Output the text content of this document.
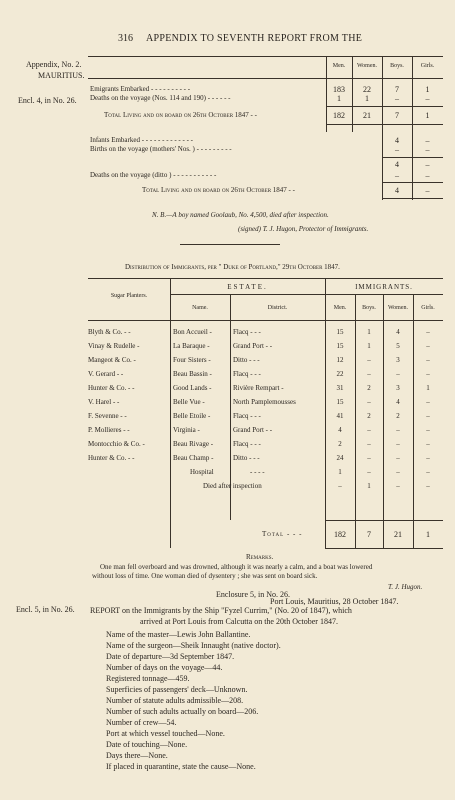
316 APPENDIX TO SEVENTH REPORT FROM THE
Appendix, No. 2.
MAURITIUS.
Encl. 4, in No. 26.
Encl. 5, in No. 26.
Men.	Women.	Boys.	Girls.
Emigrants Embarked - - - - - - - - - -	183	22	7	1
Deaths on the voyage (Nos. 114 and 190) - - - - - -	1	1	–	–
Total Living and on board on 26th October 1847 - -	182	21	7	1
Infants Embarked - - - - - - - - - - - - -	4	–
Births on the voyage (mothers' Nos. ) - - - - - - - - -	–	–
4	–
Deaths on the voyage (ditto ) - - - - - - - - - - -	–	–
Total Living and on board on 26th October 1847 - -	4	–
N. B.—A boy named Goolaub, No. 4,500, died after inspection.
(signed) T. J. Hugon, Protector of Immigrants.
Distribution of Immigrants, per " Duke of Portland," 29th October 1847.
Sugar Planters.
ESTATE.
Name.	District.
IMMIGRANTS.
Men.	Boys.	Women.	Girls.
Blyth & Co. - -	Bon Accueil -	Flacq - - -	15	1	4	–
Vinay & Rudelle -	La Baraque -	Grand Port - -	15	1	5	–
Mangeot & Co. -	Four Sisters -	Ditto - - -	12	–	3	–
V. Gerard - -	Beau Bassin -	Flacq - - -	22	–	–	–
Hunter & Co. - -	Good Lands -	Rivière Rempart -	31	2	3	1
V. Harel - -	Belle Vue -	North Pamplemousses	15	–	4	–
F. Sevenne - -	Belle Etoile -	Flacq - - -	41	2	2	–
P. Mollieres - -	Virginia -	Grand Port - -	4	–	–	–
Montocchio & Co. -	Beau Rivage -	Flacq - - -	2	–	–	–
Hunter & Co. - -	Beau Champ -	Ditto - - -	24	–	–	–
	Hospital	- - - -	1	–	–	–
	Died after inspection		–	1	–	–
Total - - -	182	7	21	1
Remarks.
One man fell overboard and was drowned, although it was nearly a calm, and a boat was lowered
without loss of time. One woman died of dysentery ; she was sent on board sick.
T. J. Hugon.
Enclosure 5, in No. 26.
Port Louis, Mauritius, 28 October 1847.
REPORT on the Immigrants by the Ship "Fyzel Currim," (No. 20 of 1847), which
arrived at Port Louis from Calcutta on the 20th October 1847.
Name of the master—Lewis John Ballantine.
Name of the surgeon—Sheik Innaught (native doctor).
Date of departure—3d September 1847.
Number of days on the voyage—44.
Registered tonnage—459.
Superficies of passengers' deck—Unknown.
Number of statute adults admissible—208.
Number of such adults actually on board—206.
Number of crew—54.
Port at which vessel touched—None.
Date of touching—None.
Days there—None.
If placed in quarantine, state the cause—None.
